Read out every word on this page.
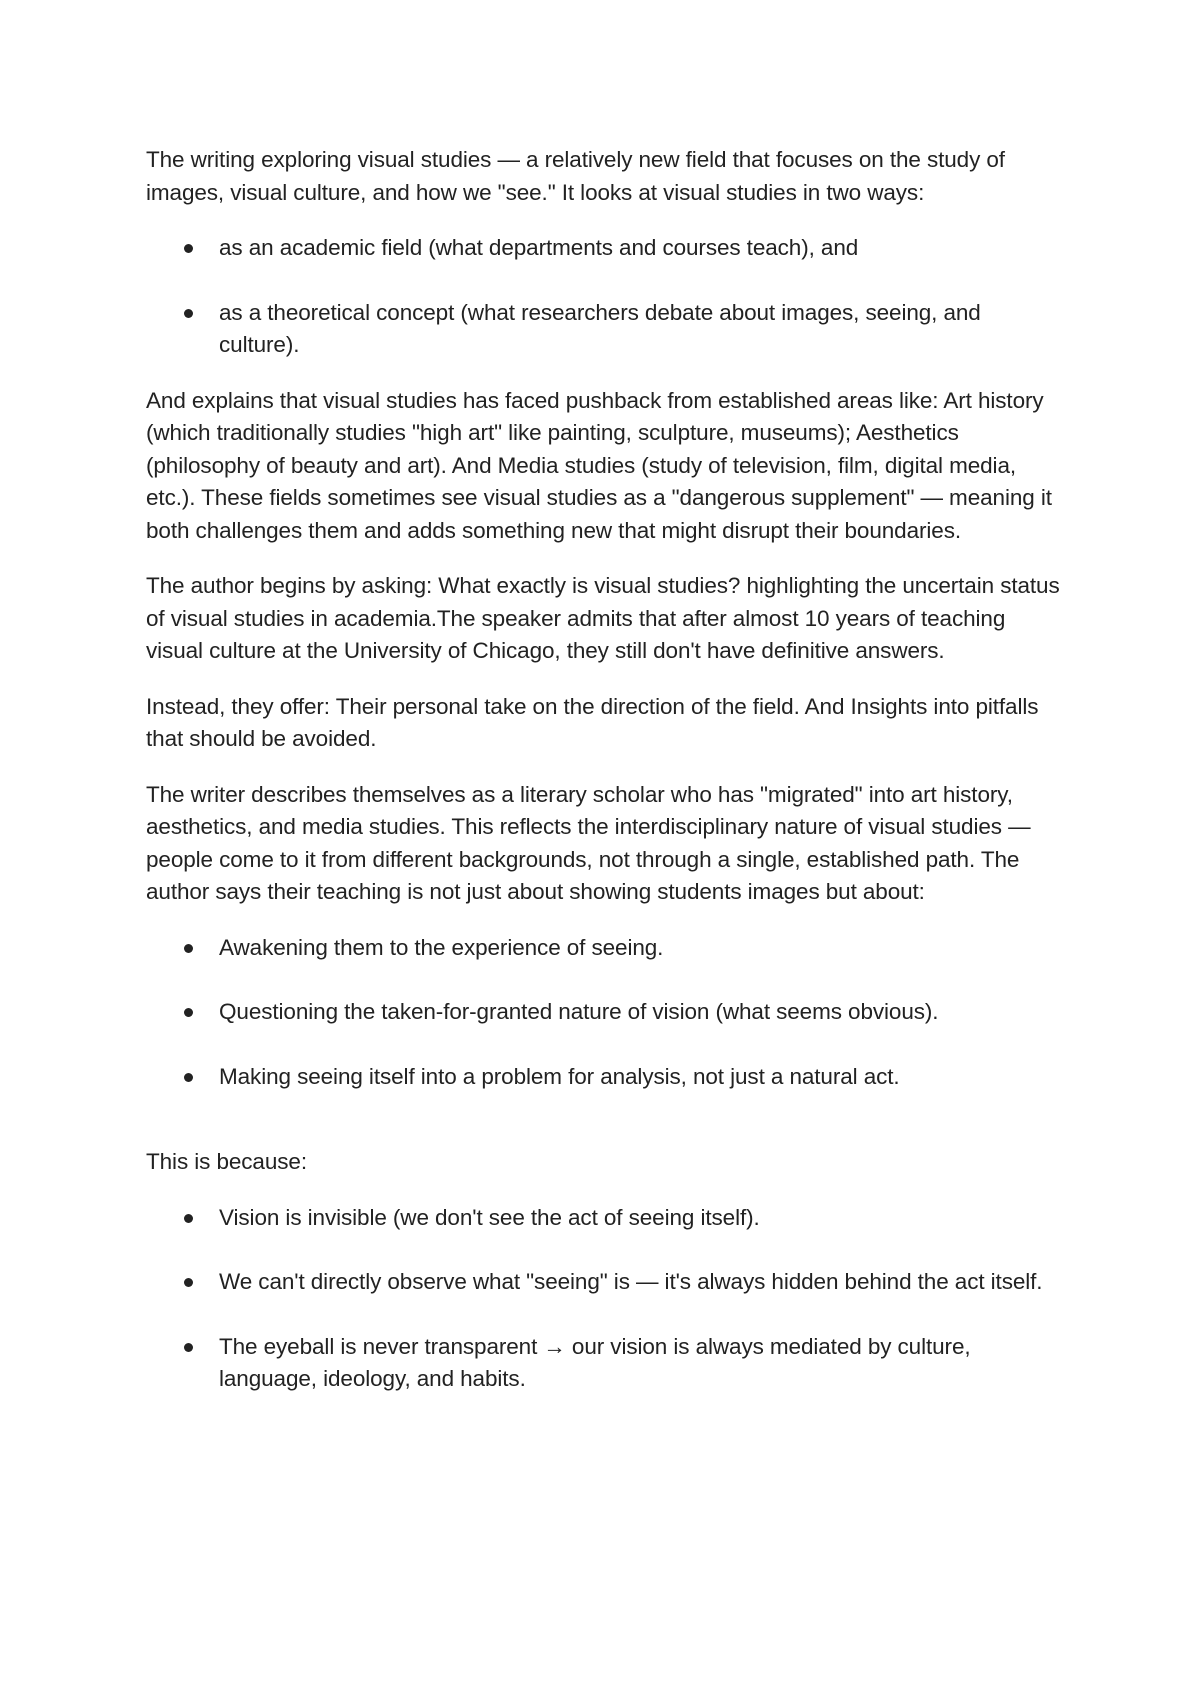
The writing exploring visual studies — a relatively new field that focuses on the study of images, visual culture, and how we "see." It looks at visual studies in two ways:

as an academic field (what departments and courses teach), and
as a theoretical concept (what researchers debate about images, seeing, and culture).

And explains that visual studies has faced pushback from established areas like: Art history (which traditionally studies "high art" like painting, sculpture, museums); Aesthetics (philosophy of beauty and art). And Media studies (study of television, film, digital media, etc.). These fields sometimes see visual studies as a "dangerous supplement" — meaning it both challenges them and adds something new that might disrupt their boundaries.

The author begins by asking: What exactly is visual studies? highlighting the uncertain status of visual studies in academia.The speaker admits that after almost 10 years of teaching visual culture at the University of Chicago, they still don't have definitive answers.

Instead, they offer: Their personal take on the direction of the field. And Insights into pitfalls that should be avoided.

The writer describes themselves as a literary scholar who has "migrated" into art history, aesthetics, and media studies. This reflects the interdisciplinary nature of visual studies — people come to it from different backgrounds, not through a single, established path. The author says their teaching is not just about showing students images but about:

Awakening them to the experience of seeing.
Questioning the taken-for-granted nature of vision (what seems obvious).
Making seeing itself into a problem for analysis, not just a natural act.

This is because:

Vision is invisible (we don't see the act of seeing itself).
We can't directly observe what "seeing" is — it's always hidden behind the act itself.
The eyeball is never transparent → our vision is always mediated by culture, language, ideology, and habits.
